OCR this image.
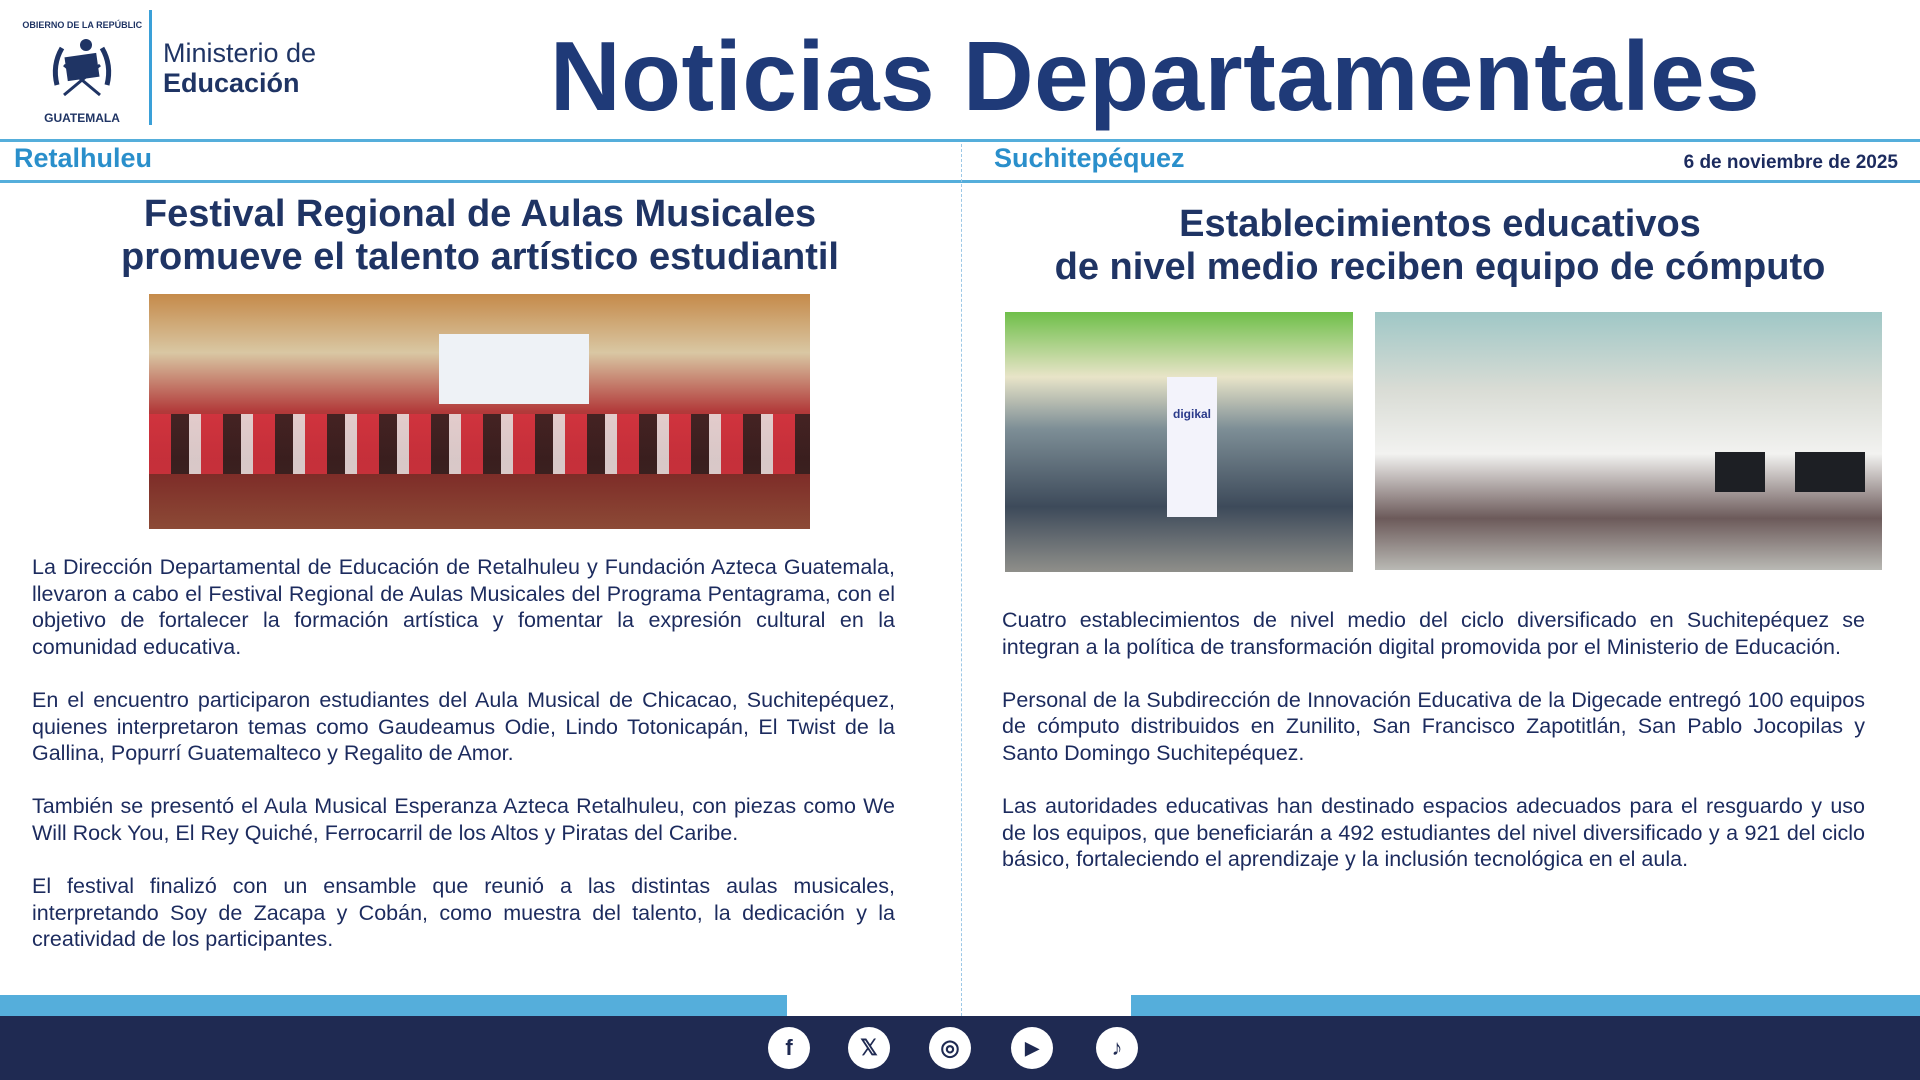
GOBIERNO DE LA REPÚBLICA
GUATEMALA
Ministerio de
Educación	Noticias Departamentales
Retalhuleu	Suchitepéquez	6 de noviembre de 2025
Festival Regional de Aulas Musicales
promueve el talento artístico estudiantil

La Dirección Departamental de Educación de Retalhuleu y Fundación Azteca Guatemala, llevaron a cabo el Festival Regional de Aulas Musicales del Programa Pentagrama, con el objetivo de fortalecer la formación artística y fomentar la expresión cultural en la comunidad educativa.

En el encuentro participaron estudiantes del Aula Musical de Chicacao, Suchitepéquez, quienes interpretaron temas como Gaudeamus Odie, Lindo Totonicapán, El Twist de la Gallina, Popurrí Guatemalteco y Regalito de Amor.

También se presentó el Aula Musical Esperanza Azteca Retalhuleu, con piezas como We Will Rock You, El Rey Quiché, Ferrocarril de los Altos y Piratas del Caribe.

El festival finalizó con un ensamble que reunió a las distintas aulas musicales, interpretando Soy de Zacapa y Cobán, como muestra del talento, la dedicación y la creatividad de los participantes.

Establecimientos educativos
de nivel medio reciben equipo de cómputo
digikal

Cuatro establecimientos de nivel medio del ciclo diversificado en Suchitepéquez se integran a la política de transformación digital promovida por el Ministerio de Educación.

Personal de la Subdirección de Innovación Educativa de la Digecade entregó 100 equipos de cómputo distribuidos en Zunilito, San Francisco Zapotitlán, San Pablo Jocopilas y Santo Domingo Suchitepéquez.

Las autoridades educativas han destinado espacios adecuados para el resguardo y uso de los equipos, que beneficiarán a 492 estudiantes del nivel diversificado y a 921 del ciclo básico, fortaleciendo el aprendizaje y la inclusión tecnológica en el aula.

f	𝕏	◎	▶	♪
